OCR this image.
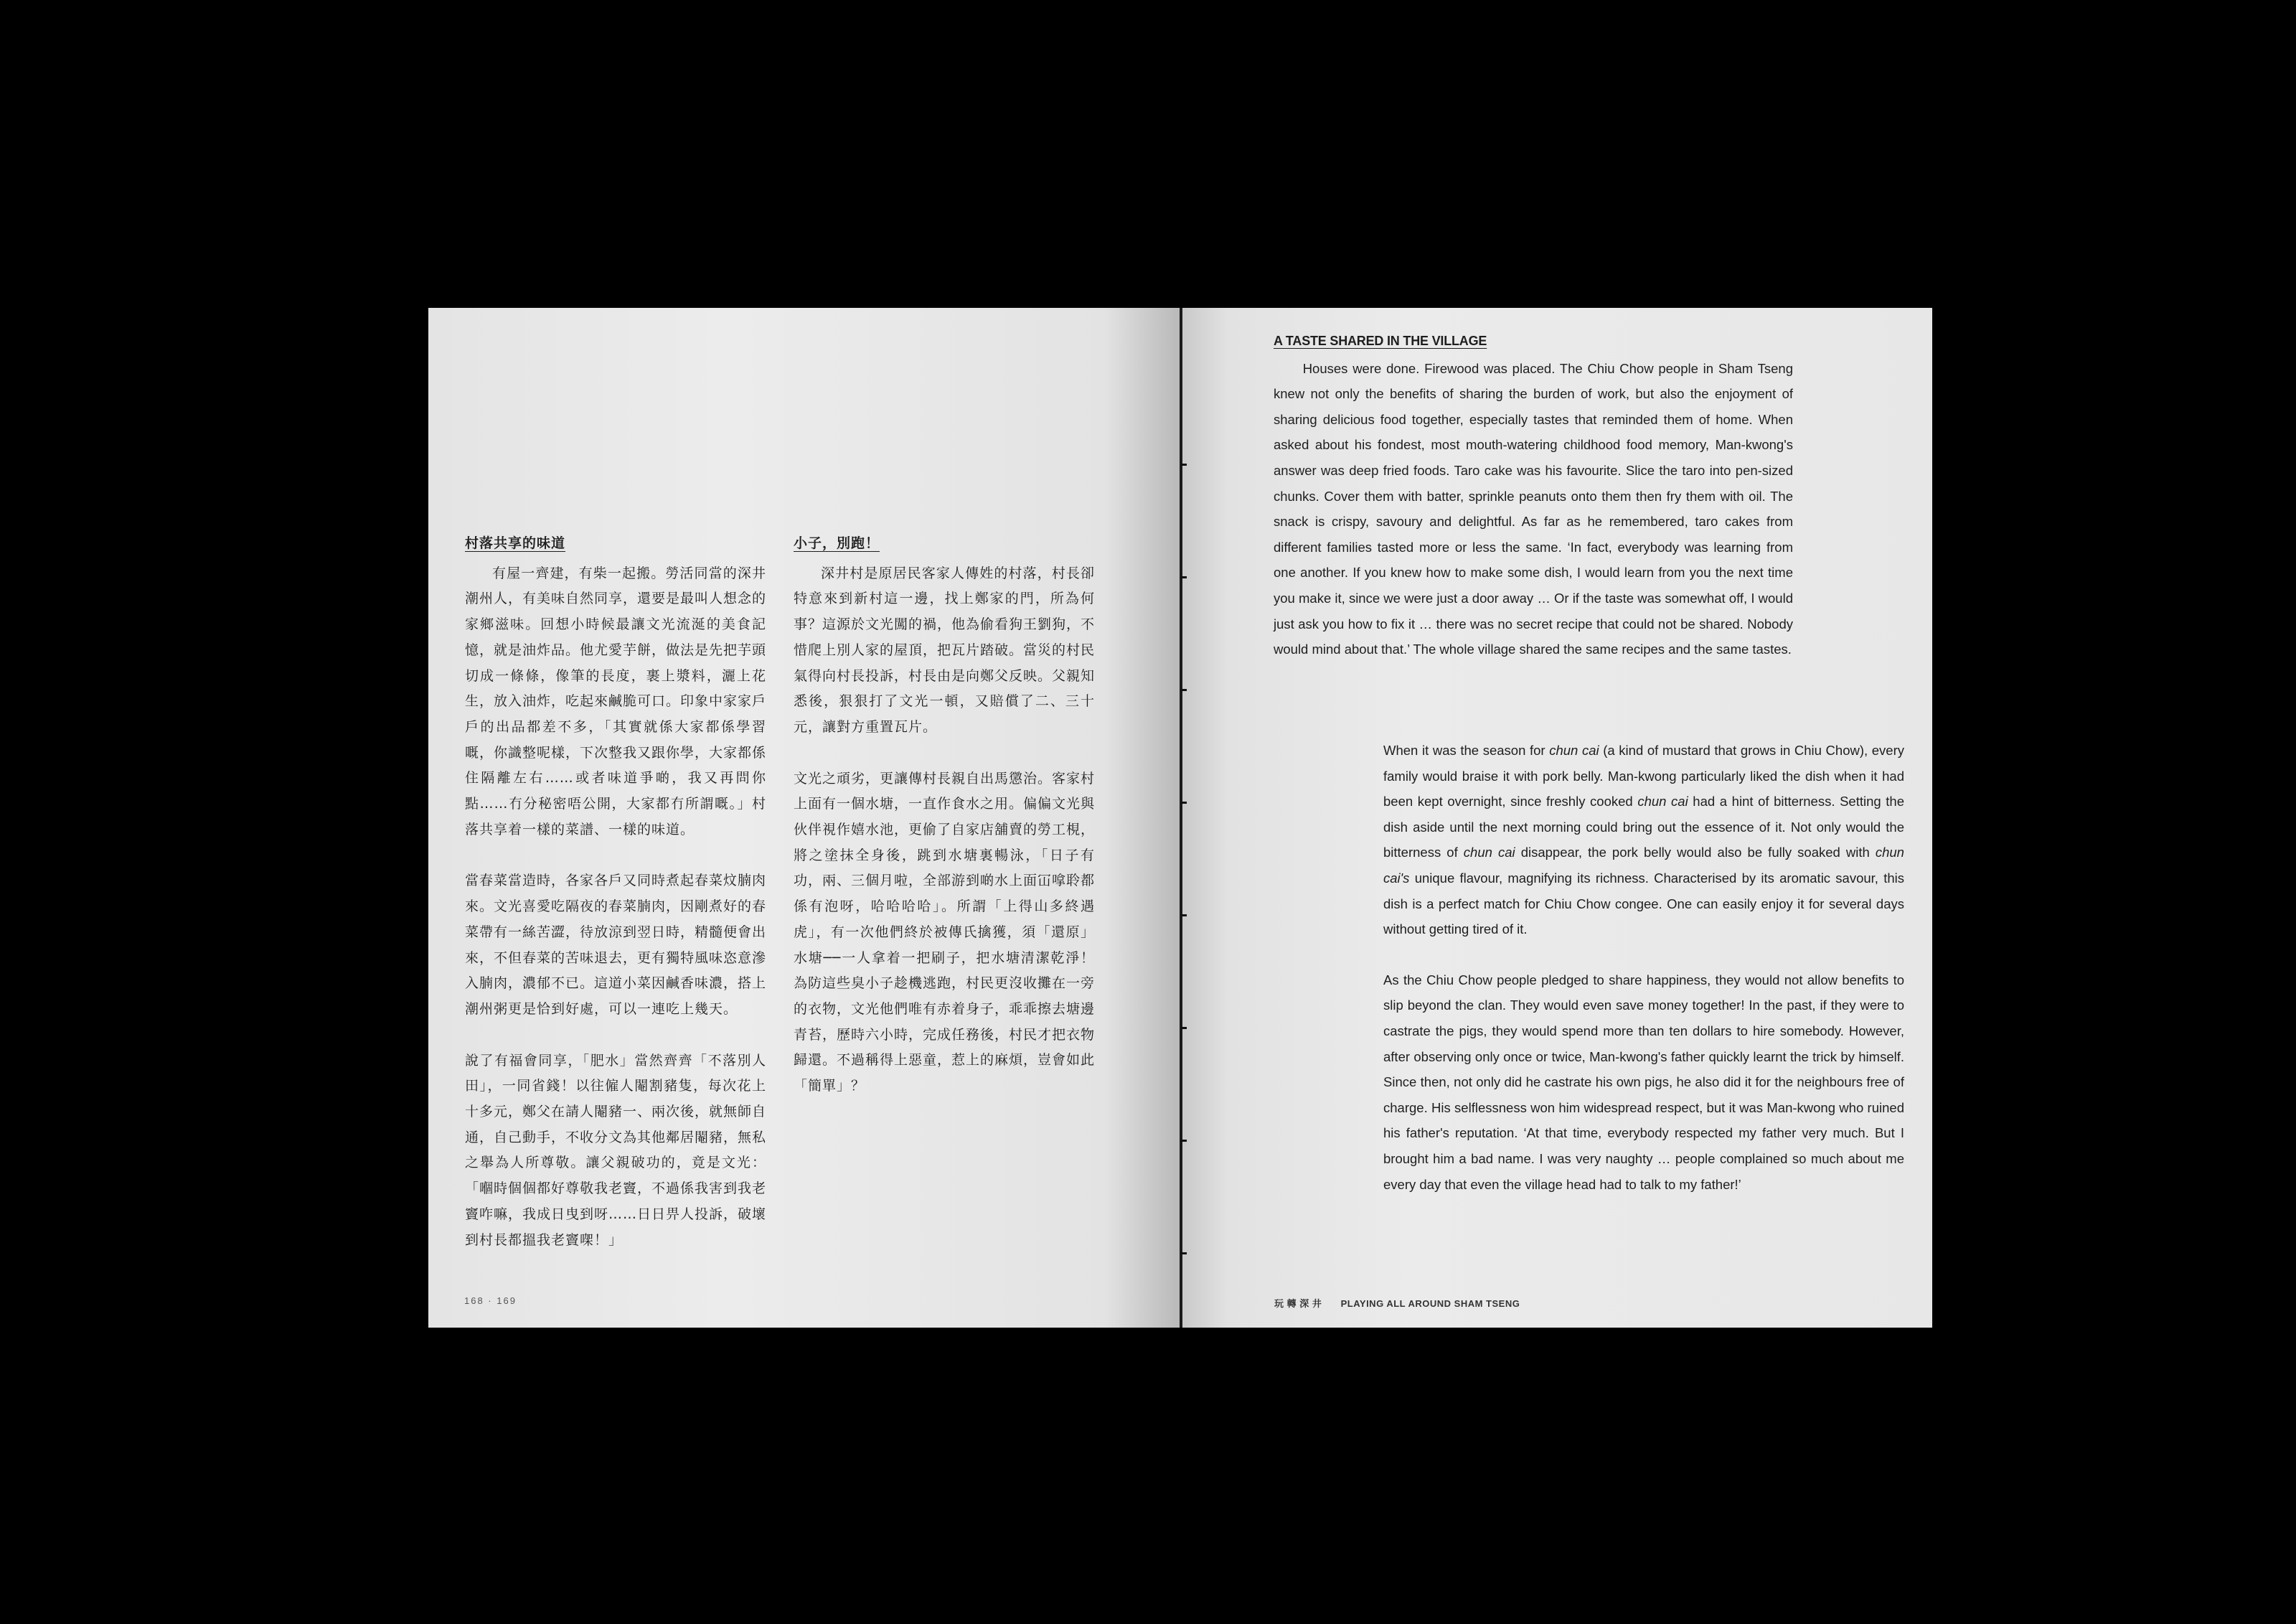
村落共享的味道

有屋一齊建，有柴一起搬。勞活同當的深井潮州人，有美味自然同享，還要是最叫人想念的家鄉滋味。回想小時候最讓文光流涎的美食記憶，就是油炸品。他尤愛芋餅，做法是先把芋頭切成一條條，像筆的長度，裹上漿料，灑上花生，放入油炸，吃起來鹹脆可口。印象中家家戶戶的出品都差不多，「其實就係大家都係學習嘅，你識整呢樣，下次整我又跟你學，大家都係住隔離左右……或者味道爭啲，我又再問你點……冇分秘密唔公開，大家都冇所謂嘅。」村落共享着一樣的菜譜、一樣的味道。

當春菜當造時，各家各戶又同時煮起春菜炆腩肉來。文光喜愛吃隔夜的春菜腩肉，因剛煮好的春菜帶有一絲苦澀，待放涼到翌日時，精髓便會出來，不但春菜的苦味退去，更有獨特風味恣意滲入腩肉，濃郁不已。這道小菜因鹹香味濃，搭上潮州粥更是恰到好處，可以一連吃上幾天。

說了有福會同享，「肥水」當然齊齊「不落別人田」，一同省錢！以往僱人閹割豬隻，每次花上十多元，鄭父在請人閹豬一、兩次後，就無師自通，自己動手，不收分文為其他鄰居閹豬，無私之舉為人所尊敬。讓父親破功的，竟是文光：「嗰時個個都好尊敬我老竇，不過係我害到我老竇咋嘛，我成日曳到呀……日日畀人投訴，破壞到村長都搵我老竇㗎！」

小子，別跑！

深井村是原居民客家人傳姓的村落，村長卻特意來到新村這一邊，找上鄭家的門，所為何事？這源於文光闖的禍，他為偷看狗王劉狗，不惜爬上別人家的屋頂，把瓦片踏破。當災的村民氣得向村長投訴，村長由是向鄭父反映。父親知悉後，狠狠打了文光一頓，又賠償了二、三十元，讓對方重置瓦片。

文光之頑劣，更讓傳村長親自出馬懲治。客家村上面有一個水塘，一直作食水之用。偏偏文光與伙伴視作嬉水池，更偷了自家店舖賣的勞工梘，將之塗抹全身後，跳到水塘裏暢泳，「日子有功，兩、三個月啦，全部游到啲水上面冚嗱聆都係有泡呀，哈哈哈哈」。所謂「上得山多終遇虎」，有一次他們終於被傳氏擒獲，須「還原」水塘──一人拿着一把刷子，把水塘清潔乾淨！為防這些臭小子趁機逃跑，村民更沒收攤在一旁的衣物，文光他們唯有赤着身子，乖乖擦去塘邊青苔，歷時六小時，完成任務後，村民才把衣物歸還。不過稱得上惡童，惹上的麻煩，豈會如此「簡單」？

168 · 169
A TASTE SHARED IN THE VILLAGE

Houses were done. Firewood was placed. The Chiu Chow people in Sham Tseng knew not only the benefits of sharing the burden of work, but also the enjoyment of sharing delicious food together, especially tastes that reminded them of home. When asked about his fondest, most mouth-watering childhood food memory, Man-kwong's answer was deep fried foods. Taro cake was his favourite. Slice the taro into pen-sized chunks. Cover them with batter, sprinkle peanuts onto them then fry them with oil. The snack is crispy, savoury and delightful. As far as he remembered, taro cakes from different families tasted more or less the same. ‘In fact, everybody was learning from one another. If you knew how to make some dish, I would learn from you the next time you make it, since we were just a door away … Or if the taste was somewhat off, I would just ask you how to fix it … there was no secret recipe that could not be shared. Nobody would mind about that.’ The whole village shared the same recipes and the same tastes.

When it was the season for chun cai (a kind of mustard that grows in Chiu Chow), every family would braise it with pork belly. Man-kwong particularly liked the dish when it had been kept overnight, since freshly cooked chun cai had a hint of bitterness. Setting the dish aside until the next morning could bring out the essence of it. Not only would the bitterness of chun cai disappear, the pork belly would also be fully soaked with chun cai's unique flavour, magnifying its richness. Characterised by its aromatic savour, this dish is a perfect match for Chiu Chow congee. One can easily enjoy it for several days without getting tired of it.

As the Chiu Chow people pledged to share happiness, they would not allow benefits to slip beyond the clan. They would even save money together! In the past, if they were to castrate the pigs, they would spend more than ten dollars to hire somebody. However, after observing only once or twice, Man-kwong's father quickly learnt the trick by himself. Since then, not only did he castrate his own pigs, he also did it for the neighbours free of charge. His selflessness won him widespread respect, but it was Man-kwong who ruined his father's reputation. ‘At that time, everybody respected my father very much. But I brought him a bad name. I was very naughty … people complained so much about me every day that even the village head had to talk to my father!’

玩 轉 深 井 PLAYING ALL AROUND SHAM TSENG
